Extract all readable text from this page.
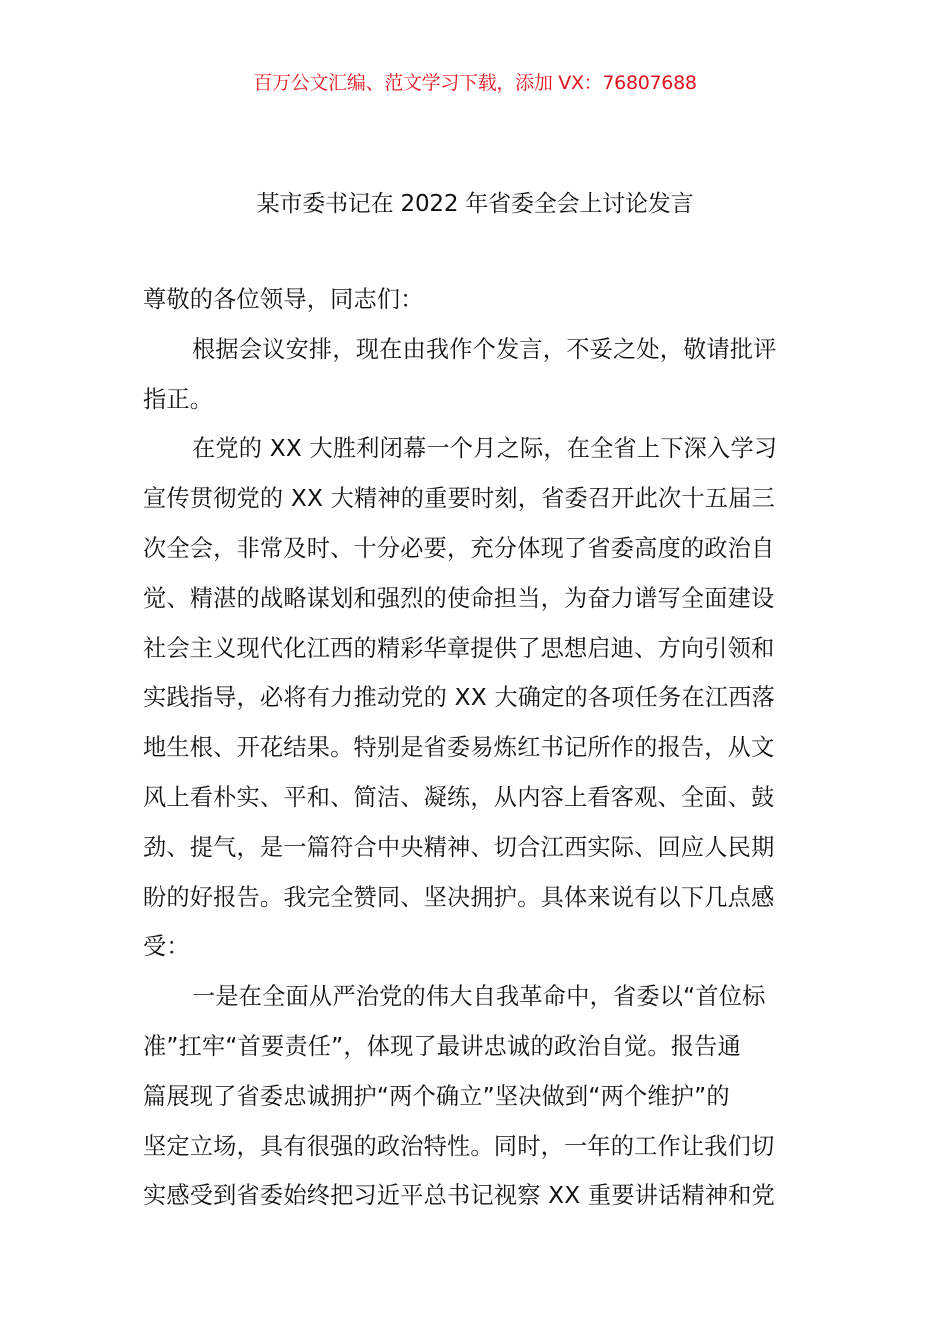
百万公文汇编、范文学习下载，添加 VX：76807688
某市委书记在 2022 年省委全会上讨论发言
尊敬的各位领导，同志们：
根据会议安排，现在由我作个发言，不妥之处，敬请批评
指正。
在党的 XX 大胜利闭幕一个月之际，在全省上下深入学习
宣传贯彻党的 XX 大精神的重要时刻，省委召开此次十五届三
次全会，非常及时、十分必要，充分体现了省委高度的政治自
觉、精湛的战略谋划和强烈的使命担当，为奋力谱写全面建设
社会主义现代化江西的精彩华章提供了思想启迪、方向引领和
实践指导，必将有力推动党的 XX 大确定的各项任务在江西落
地生根、开花结果。特别是省委易炼红书记所作的报告，从文
风上看朴实、平和、简洁、凝练，从内容上看客观、全面、鼓
劲、提气，是一篇符合中央精神、切合江西实际、回应人民期
盼的好报告。我完全赞同、坚决拥护。具体来说有以下几点感
受：
一是在全面从严治党的伟大自我革命中，省委以“首位标
准”扛牢“首要责任”，体现了最讲忠诚的政治自觉。报告通
篇展现了省委忠诚拥护“两个确立”坚决做到“两个维护”的
坚定立场，具有很强的政治特性。同时，一年的工作让我们切
实感受到省委始终把习近平总书记视察 XX 重要讲话精神和党
